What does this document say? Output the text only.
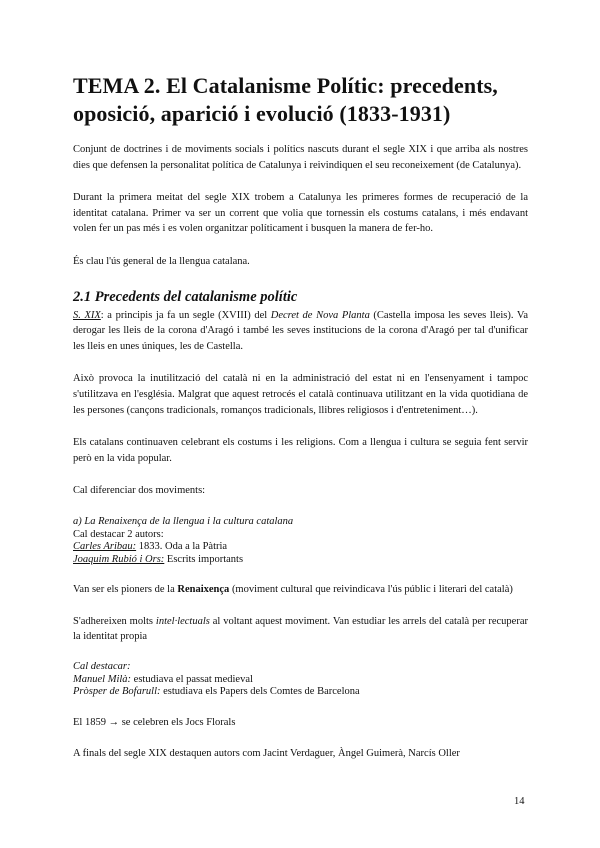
TEMA 2. El Catalanisme Polític: precedents, oposició, aparició i evolució (1833-1931)

Conjunt de doctrines i de moviments socials i polítics nascuts durant el segle XIX i que arriba als nostres dies que defensen la personalitat política de Catalunya i reivindiquen el seu reconeixement (de Catalunya).

Durant la primera meitat del segle XIX trobem a Catalunya les primeres formes de recuperació de la identitat catalana. Primer va ser un corrent que volia que tornessin els costums catalans, i més endavant volen fer un pas més i es volen organitzar políticament i busquen la manera de fer-ho.

És clau l'ús general de la llengua catalana.

2.1 Precedents del catalanisme polític

S. XIX: a principis ja fa un segle (XVIII) del Decret de Nova Planta (Castella imposa les seves lleis). Va derogar les lleis de la corona d'Aragó i també les seves institucions de la corona d'Aragó per tal d'unificar les lleis en unes úniques, les de Castella.

Això provoca la inutilització del català ni en la administració del estat ni en l'ensenyament i tampoc s'utilitzava en l'església. Malgrat que aquest retrocés el català continuava utilitzant en la vida quotidiana de les persones (cançons tradicionals, romanços tradicionals, llibres religiosos i d'entreteniment…).

Els catalans continuaven celebrant els costums i les religions. Com a llengua i cultura se seguia fent servir però en la vida popular.

Cal diferenciar dos moviments:

a) La Renaixença de la llengua i la cultura catalana
Cal destacar 2 autors:
Carles Aribau: 1833. Oda a la Pàtria
Joaquim Rubió i Ors: Escrits importants

Van ser els pioners de la Renaixença (moviment cultural que reivindicava l'ús públic i literari del català)

S'adhereixen molts intel·lectuals al voltant aquest moviment. Van estudiar les arrels del català per recuperar la identitat propia

Cal destacar:
Manuel Milà: estudiava el passat medieval
Pròsper de Bofarull: estudiava els Papers dels Comtes de Barcelona

El 1859 → se celebren els Jocs Florals

A finals del segle XIX destaquen autors com Jacint Verdaguer, Àngel Guimerà, Narcís Oller

14
